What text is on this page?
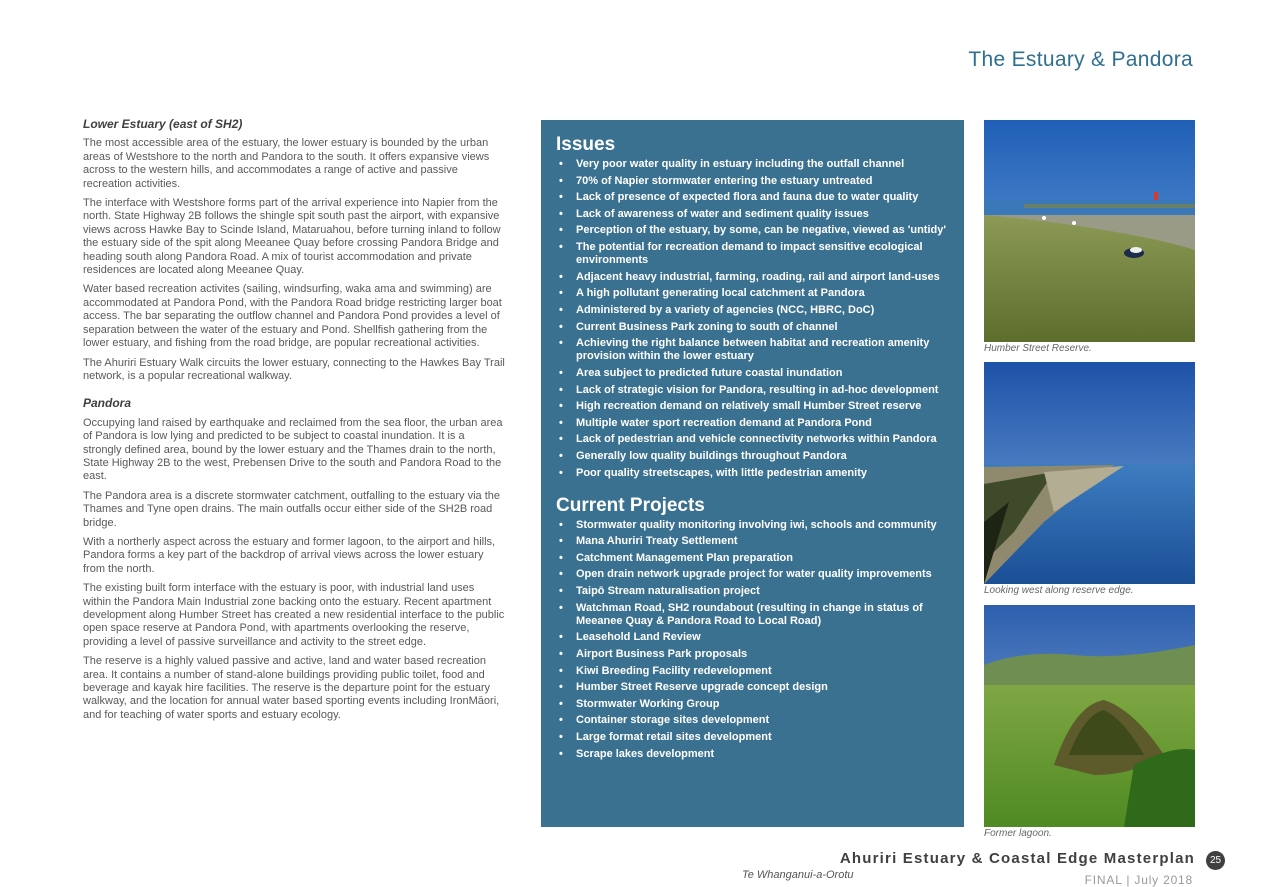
The Estuary & Pandora
Lower Estuary (east of SH2)

The most accessible area of the estuary, the lower estuary is bounded by the urban areas of Westshore to the north and Pandora to the south. It offers expansive views across to the western hills, and accommodates a range of active and passive recreation activities.

The interface with Westshore forms part of the arrival experience into Napier from the north. State Highway 2B follows the shingle spit south past the airport, with expansive views across Hawke Bay to Scinde Island, Mataruahou, before turning inland to follow the estuary side of the spit along Meeanee Quay before crossing Pandora Bridge and heading south along Pandora Road. A mix of tourist accommodation and private residences are located along Meeanee Quay.

Water based recreation activites (sailing, windsurfing, waka ama and swimming) are accommodated at Pandora Pond, with the Pandora Road bridge restricting larger boat access. The bar separating the outflow channel and Pandora Pond provides a level of separation between the water of the estuary and Pond. Shellfish gathering from the lower estuary, and fishing from the road bridge, are popular recreational activities.

The Ahuriri Estuary Walk circuits the lower estuary, connecting to the Hawkes Bay Trail network, is a popular recreational walkway.

Pandora

Occupying land raised by earthquake and reclaimed from the sea floor, the urban area of Pandora is low lying and predicted to be subject to coastal inundation. It is a strongly defined area, bound by the lower estuary and the Thames drain to the north, State Highway 2B to the west, Prebensen Drive to the south and Pandora Road to the east.

The Pandora area is a discrete stormwater catchment, outfalling to the estuary via the Thames and Tyne open drains. The main outfalls occur either side of the SH2B road bridge.

With a northerly aspect across the estuary and former lagoon, to the airport and hills, Pandora forms a key part of the backdrop of arrival views across the lower estuary from the north.

The existing built form interface with the estuary is poor, with industrial land uses within the Pandora Main Industrial zone backing onto the estuary. Recent apartment development along Humber Street has created a new residential interface to the public open space reserve at Pandora Pond, with apartments overlooking the reserve, providing a level of passive surveillance and activity to the street edge.

The reserve is a highly valued passive and active, land and water based recreation area. It contains a number of stand-alone buildings providing public toilet, food and beverage and kayak hire facilities. The reserve is the departure point for the estuary walkway, and the location for annual water based sporting events including IronMāori, and for teaching of water sports and estuary ecology.

Issues
• Very poor water quality in estuary including the outfall channel
• 70% of Napier stormwater entering the estuary untreated
• Lack of presence of expected flora and fauna due to water quality
• Lack of awareness of water and sediment quality issues
• Perception of the estuary, by some, can be negative, viewed as 'untidy'
• The potential for recreation demand to impact sensitive ecological environments
• Adjacent heavy industrial, farming, roading, rail and airport land-uses
• A high pollutant generating local catchment at Pandora
• Administered by a variety of agencies (NCC, HBRC, DoC)
• Current Business Park zoning to south of channel
• Achieving the right balance between habitat and recreation amenity provision within the lower estuary
• Area subject to predicted future coastal inundation
• Lack of strategic vision for Pandora, resulting in ad-hoc development
• High recreation demand on relatively small Humber Street reserve
• Multiple water sport recreation demand at Pandora Pond
• Lack of pedestrian and vehicle connectivity networks within Pandora
• Generally low quality buildings throughout Pandora
• Poor quality streetscapes, with little pedestrian amenity
Current Projects
• Stormwater quality monitoring involving iwi, schools and community
• Mana Ahuriri Treaty Settlement
• Catchment Management Plan preparation
• Open drain network upgrade project for water quality improvements
• Taipō Stream naturalisation project
• Watchman Road, SH2 roundabout (resulting in change in status of Meeanee Quay & Pandora Road to Local Road)
• Leasehold Land Review
• Airport Business Park proposals
• Kiwi Breeding Facility redevelopment
• Humber Street Reserve upgrade concept design
• Stormwater Working Group
• Container storage sites development
• Large format retail sites development
• Scrape lakes development
Humber Street Reserve.
Looking west along reserve edge.
Former lagoon.
Ahuriri Estuary & Coastal Edge Masterplan	25
Te Whanganui-a-Orotu	FINAL | July 2018
